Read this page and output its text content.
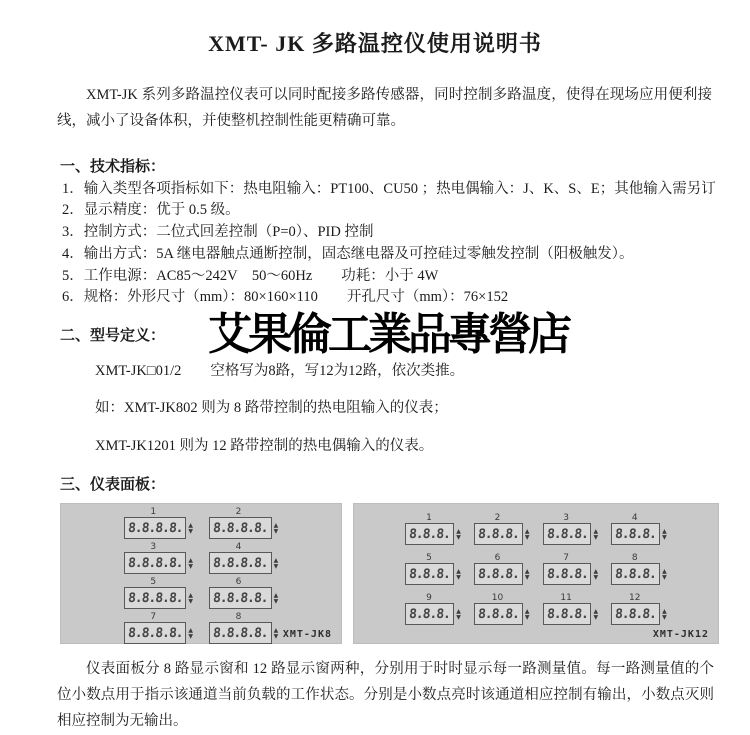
XMT- JK 多路温控仪使用说明书

XMT-JK 系列多路温控仪表可以同时配接多路传感器，同时控制多路温度，使得在现场应用便利接线，减小了设备体积，并使整机控制性能更精确可靠。

一、技术指标：

1．输入类型各项指标如下：热电阻输入：PT100、CU50 ；热电偶输入：J、K、S、E；其他输入需另订

2．显示精度：优于 0.5 级。

3．控制方式：二位式回差控制（P=0）、PID 控制

4．输出方式：5A 继电器触点通断控制，固态继电器及可控硅过零触发控制（阳极触发）。

5．工作电源：AC85～242V　50～60Hz　　功耗：小于 4W

6．规格：外形尺寸（mm）：80×160×110　　开孔尺寸（mm）：76×152

二、型号定义：

XMT-JK□01/2　　空格写为8路，写12为12路，依次类推。

如：XMT-JK802 则为 8 路带控制的热电阻输入的仪表；

XMT-JK1201 则为 12 路带控制的热电偶输入的仪表。

艾果倫工業品專營店
三、仪表面板：
1
8.8.8.8. ▲
▼
2
8.8.8.8. ▲
▼
3
8.8.8.8. ▲
▼
4
8.8.8.8. ▲
▼
5
8.8.8.8. ▲
▼
6
8.8.8.8. ▲
▼
7
8.8.8.8. ▲
▼
8
8.8.8.8. ▲
▼ XMT-JK8
1
8.8.8. ▲
▼
2
8.8.8. ▲
▼
3
8.8.8. ▲
▼
4
8.8.8. ▲
▼
5
8.8.8. ▲
▼
6
8.8.8. ▲
▼
7
8.8.8. ▲
▼
8
8.8.8. ▲
▼
9
8.8.8. ▲
▼
10
8.8.8. ▲
▼
11
8.8.8. ▲
▼
12
8.8.8. ▲
▼
XMT-JK12

仪表面板分 8 路显示窗和 12 路显示窗两种，分别用于时时显示每一路测量值。每一路测量值的个位小数点用于指示该通道当前负载的工作状态。分别是小数点亮时该通道相应控制有输出，小数点灭则相应控制为无输出。
